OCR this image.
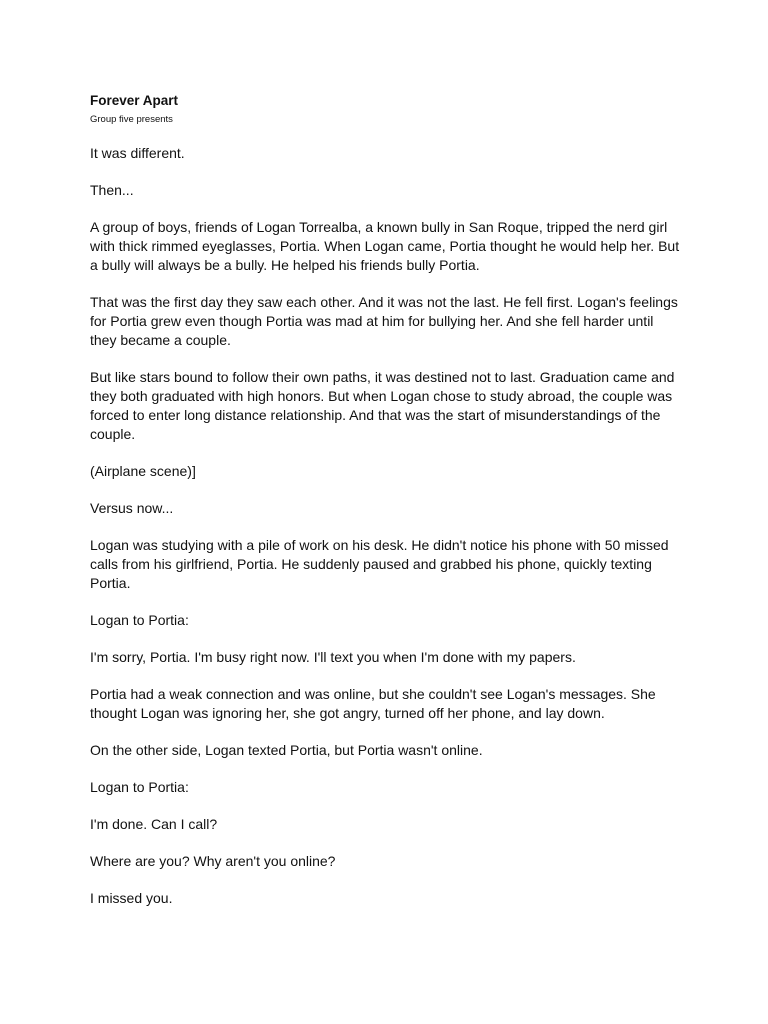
Forever Apart

Group five presents

It was different.

Then...

A group of boys, friends of Logan Torrealba, a known bully in San Roque, tripped the nerd girl with thick rimmed eyeglasses, Portia. When Logan came, Portia thought he would help her. But a bully will always be a bully. He helped his friends bully Portia.

That was the first day they saw each other. And it was not the last. He fell first. Logan's feelings for Portia grew even though Portia was mad at him for bullying her. And she fell harder until they became a couple.

But like stars bound to follow their own paths, it was destined not to last. Graduation came and they both graduated with high honors. But when Logan chose to study abroad, the couple was forced to enter long distance relationship. And that was the start of misunderstandings of the couple.

(Airplane scene)]

Versus now...

Logan was studying with a pile of work on his desk. He didn't notice his phone with 50 missed calls from his girlfriend, Portia. He suddenly paused and grabbed his phone, quickly texting Portia.

Logan to Portia:

I'm sorry, Portia. I'm busy right now. I'll text you when I'm done with my papers.

Portia had a weak connection and was online, but she couldn't see Logan's messages. She thought Logan was ignoring her, she got angry, turned off her phone, and lay down.

On the other side, Logan texted Portia, but Portia wasn't online.

Logan to Portia:

I'm done. Can I call?

Where are you? Why aren't you online?

I missed you.
